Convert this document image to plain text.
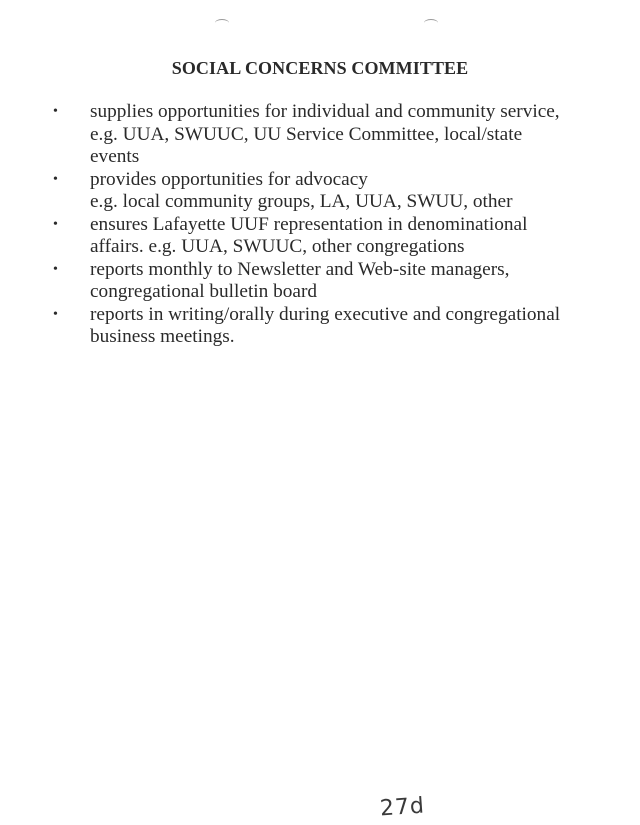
SOCIAL CONCERNS COMMITTEE
• supplies opportunities for individual and community service,
e.g. UUA, SWUUC, UU Service Committee, local/state
events
• provides opportunities for advocacy
e.g. local community groups, LA, UUA, SWUU, other
• ensures Lafayette UUF representation in denominational
affairs. e.g. UUA, SWUUC, other congregations
• reports monthly to Newsletter and Web-site managers,
congregational bulletin board
• reports in writing/orally during executive and congregational
business meetings.
27d
